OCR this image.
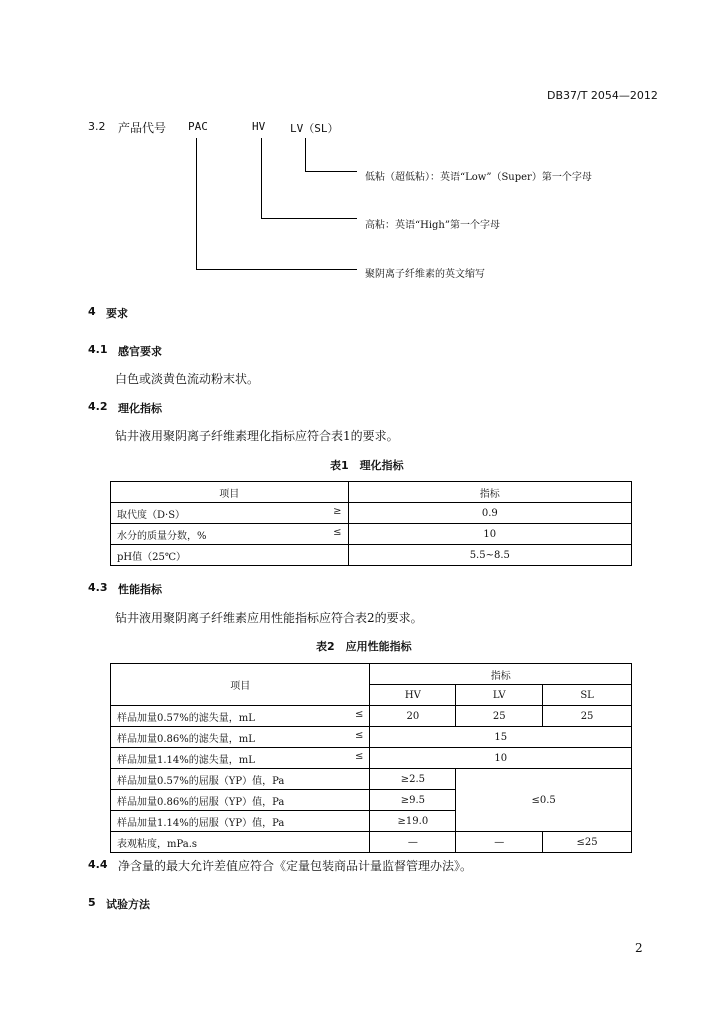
DB37/T 2054—2012
3.2 产品代号 PAC	HV LV（SL）
低粘（超低粘）：英语“Low”（Super）第一个字母
高粘：英语“High”第一个字母
聚阴离子纤维素的英文缩写
4 要求
4.1 感官要求
白色或淡黄色流动粉末状。
4.2 理化指标
钻井液用聚阴离子纤维素理化指标应符合表1的要求。
表1　理化指标
项目	指标

取代度（D·S） ≥	0.9

水分的质量分数，% ≤	10
pH值（25℃）	5.5~8.5
4.3 性能指标
钻井液用聚阴离子纤维素应用性能指标应符合表2的要求。
表2　应用性能指标
项目	指标		
	HV	LV	SL

样品加量0.57%的滤失量，mL ≤	20	25	25

样品加量0.86%的滤失量，mL ≤	15		

样品加量1.14%的滤失量，mL ≤	10		
样品加量0.57%的屈服（YP）值，Pa	≥2.5	≤0.5	
样品加量0.86%的屈服（YP）值，Pa	≥9.5		
样品加量1.14%的屈服（YP）值，Pa	≥19.0		
表观粘度，mPa.s	—	—	≤25
4.4 净含量的最大允许差值应符合《定量包装商品计量监督管理办法》。
5 试验方法
2
